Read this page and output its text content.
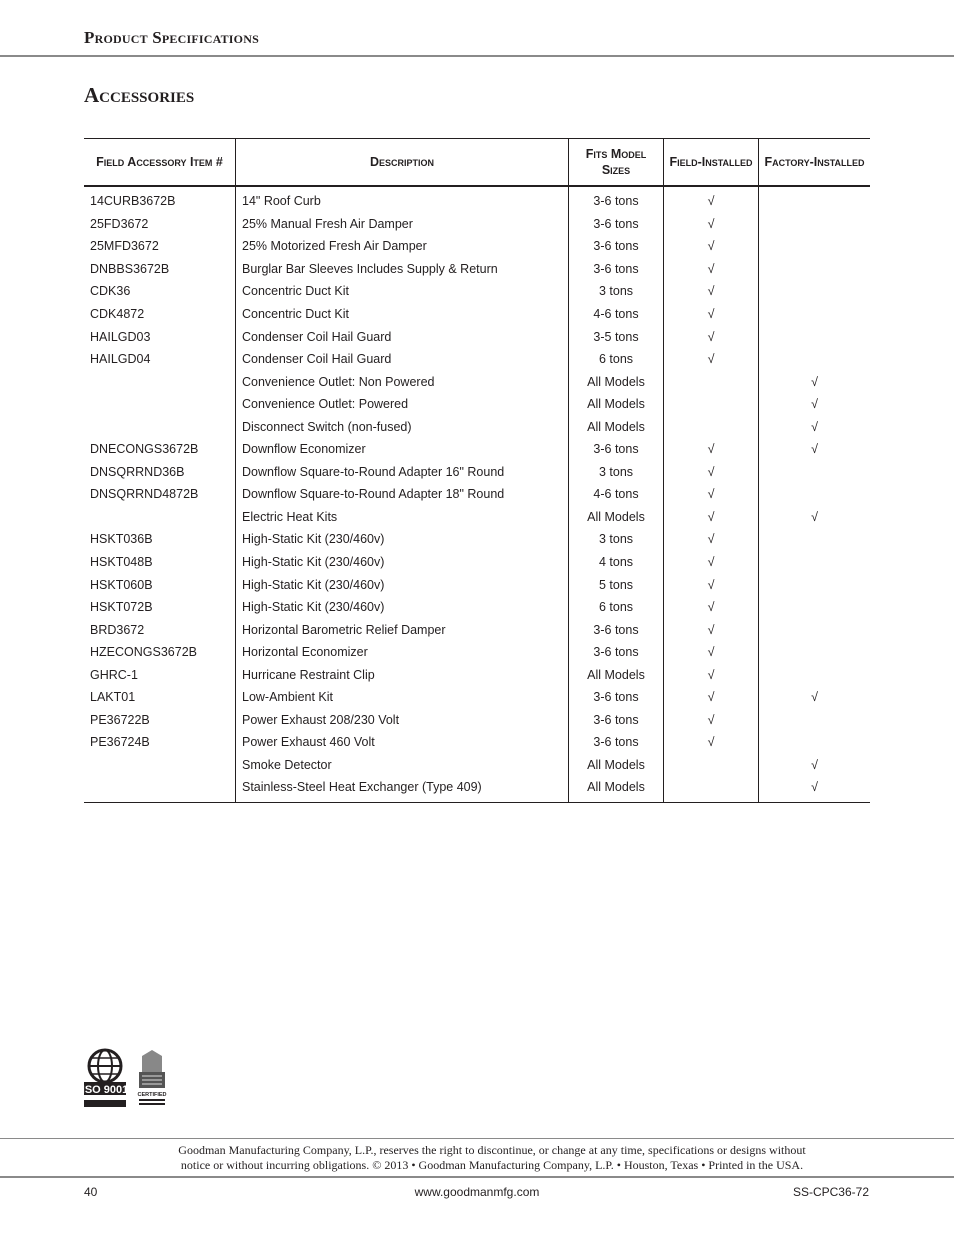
Product Specifications
Accessories
Field Accessory Item #	Description	Fits Model Sizes	Field-Installed	Factory-Installed
14CURB3672B	14" Roof Curb	3-6 tons	√	
25FD3672	25% Manual Fresh Air Damper	3-6 tons	√	
25MFD3672	25% Motorized Fresh Air Damper	3-6 tons	√	
DNBBS3672B	Burglar Bar Sleeves Includes Supply & Return	3-6 tons	√	
CDK36	Concentric Duct Kit	3 tons	√	
CDK4872	Concentric Duct Kit	4-6 tons	√	
HAILGD03	Condenser Coil Hail Guard	3-5 tons	√	
HAILGD04	Condenser Coil Hail Guard	6 tons	√	
	Convenience Outlet: Non Powered	All Models		√
	Convenience Outlet: Powered	All Models		√
	Disconnect Switch (non-fused)	All Models		√
DNECONGS3672B	Downflow Economizer	3-6 tons	√	√
DNSQRRND36B	Downflow Square-to-Round Adapter 16" Round	3 tons	√	
DNSQRRND4872B	Downflow Square-to-Round Adapter 18" Round	4-6 tons	√	
	Electric Heat Kits	All Models	√	√
HSKT036B	High-Static Kit (230/460v)	3 tons	√	
HSKT048B	High-Static Kit (230/460v)	4 tons	√	
HSKT060B	High-Static Kit (230/460v)	5 tons	√	
HSKT072B	High-Static Kit (230/460v)	6 tons	√	
BRD3672	Horizontal Barometric Relief Damper	3-6 tons	√	
HZECONGS3672B	Horizontal Economizer	3-6 tons	√	
GHRC-1	Hurricane Restraint Clip	All Models	√	
LAKT01	Low-Ambient Kit	3-6 tons	√	√
PE36722B	Power Exhaust 208/230 Volt	3-6 tons	√	
PE36724B	Power Exhaust 460 Volt	3-6 tons	√	
	Smoke Detector	All Models		√
	Stainless-Steel Heat Exchanger (Type 409)	All Models		√
ISO 9001 CERTIFIED
Goodman Manufacturing Company, L.P., reserves the right to discontinue, or change at any time, specifications or designs without
notice or without incurring obligations. © 2013 • Goodman Manufacturing Company, L.P. • Houston, Texas • Printed in the USA.
40	www.goodmanmfg.com	SS-CPC36-72
